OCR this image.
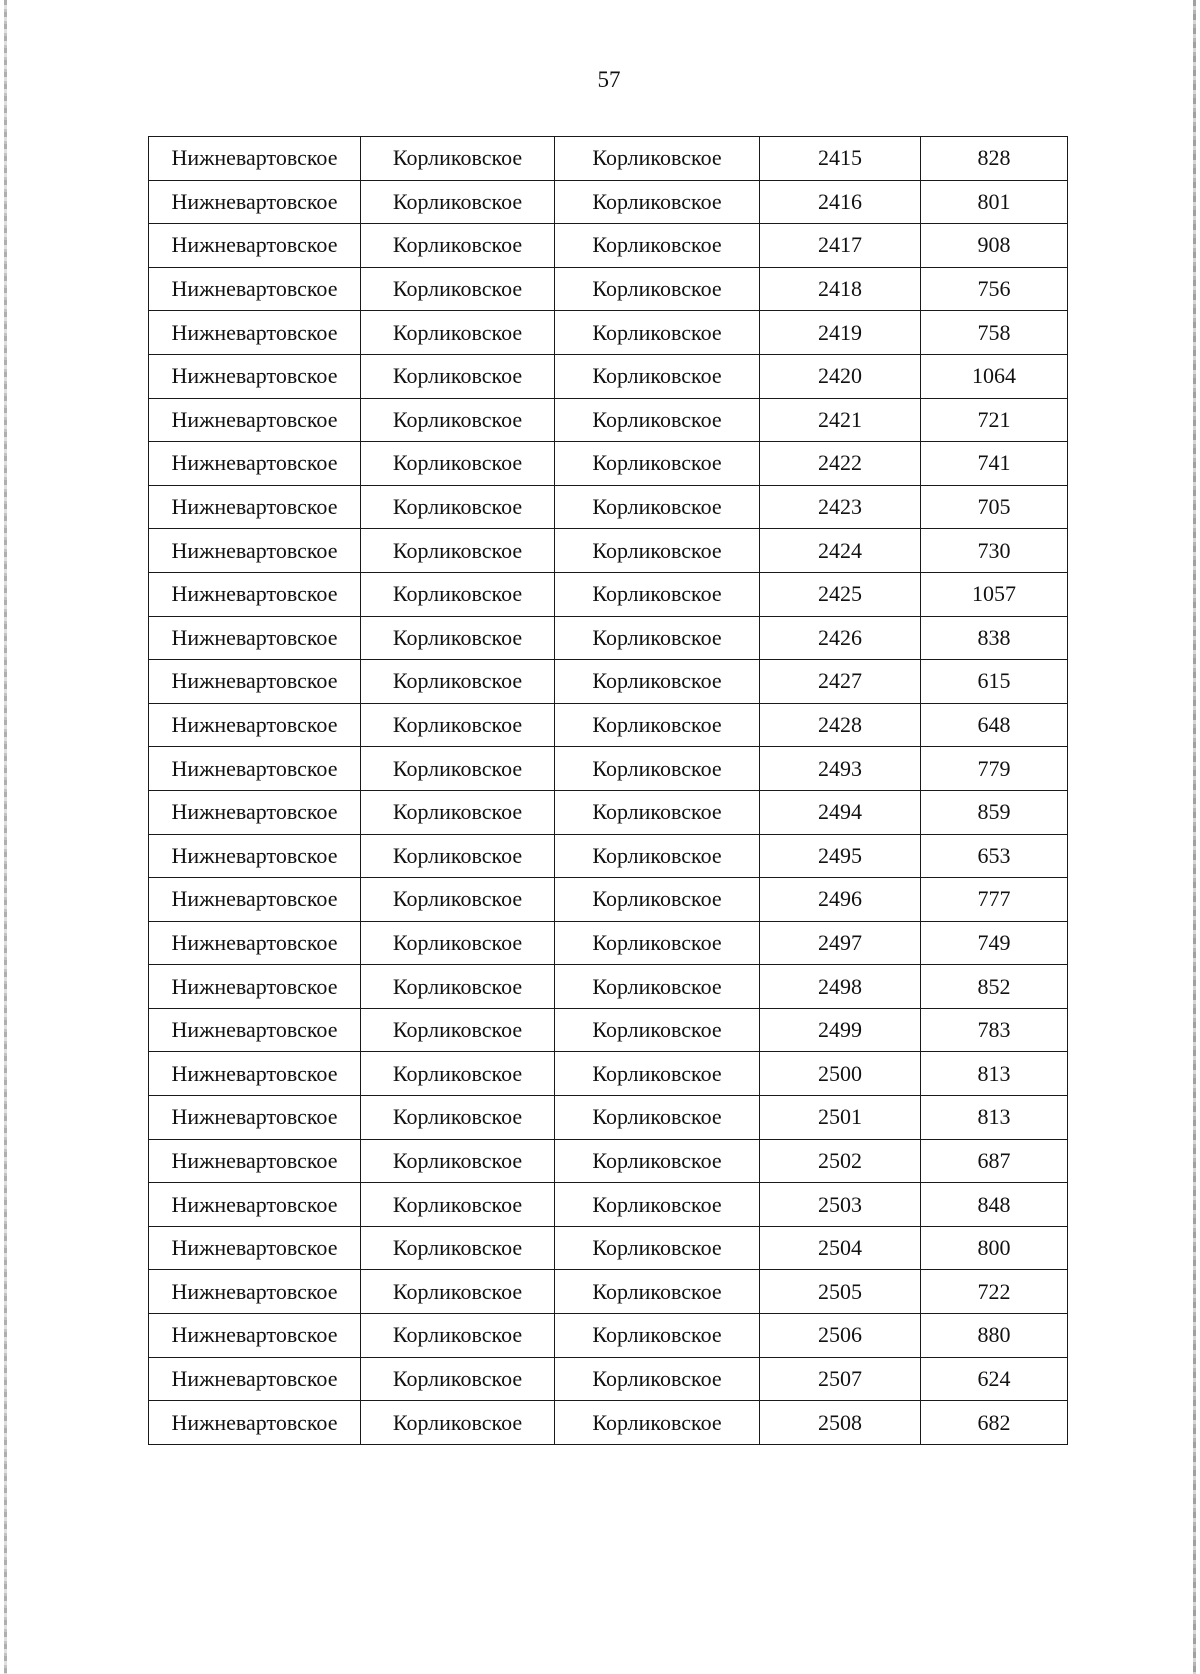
57
Нижневартовское	Корликовское	Корликовское	2415	828
Нижневартовское	Корликовское	Корликовское	2416	801
Нижневартовское	Корликовское	Корликовское	2417	908
Нижневартовское	Корликовское	Корликовское	2418	756
Нижневартовское	Корликовское	Корликовское	2419	758
Нижневартовское	Корликовское	Корликовское	2420	1064
Нижневартовское	Корликовское	Корликовское	2421	721
Нижневартовское	Корликовское	Корликовское	2422	741
Нижневартовское	Корликовское	Корликовское	2423	705
Нижневартовское	Корликовское	Корликовское	2424	730
Нижневартовское	Корликовское	Корликовское	2425	1057
Нижневартовское	Корликовское	Корликовское	2426	838
Нижневартовское	Корликовское	Корликовское	2427	615
Нижневартовское	Корликовское	Корликовское	2428	648
Нижневартовское	Корликовское	Корликовское	2493	779
Нижневартовское	Корликовское	Корликовское	2494	859
Нижневартовское	Корликовское	Корликовское	2495	653
Нижневартовское	Корликовское	Корликовское	2496	777
Нижневартовское	Корликовское	Корликовское	2497	749
Нижневартовское	Корликовское	Корликовское	2498	852
Нижневартовское	Корликовское	Корликовское	2499	783
Нижневартовское	Корликовское	Корликовское	2500	813
Нижневартовское	Корликовское	Корликовское	2501	813
Нижневартовское	Корликовское	Корликовское	2502	687
Нижневартовское	Корликовское	Корликовское	2503	848
Нижневартовское	Корликовское	Корликовское	2504	800
Нижневартовское	Корликовское	Корликовское	2505	722
Нижневартовское	Корликовское	Корликовское	2506	880
Нижневартовское	Корликовское	Корликовское	2507	624
Нижневартовское	Корликовское	Корликовское	2508	682
